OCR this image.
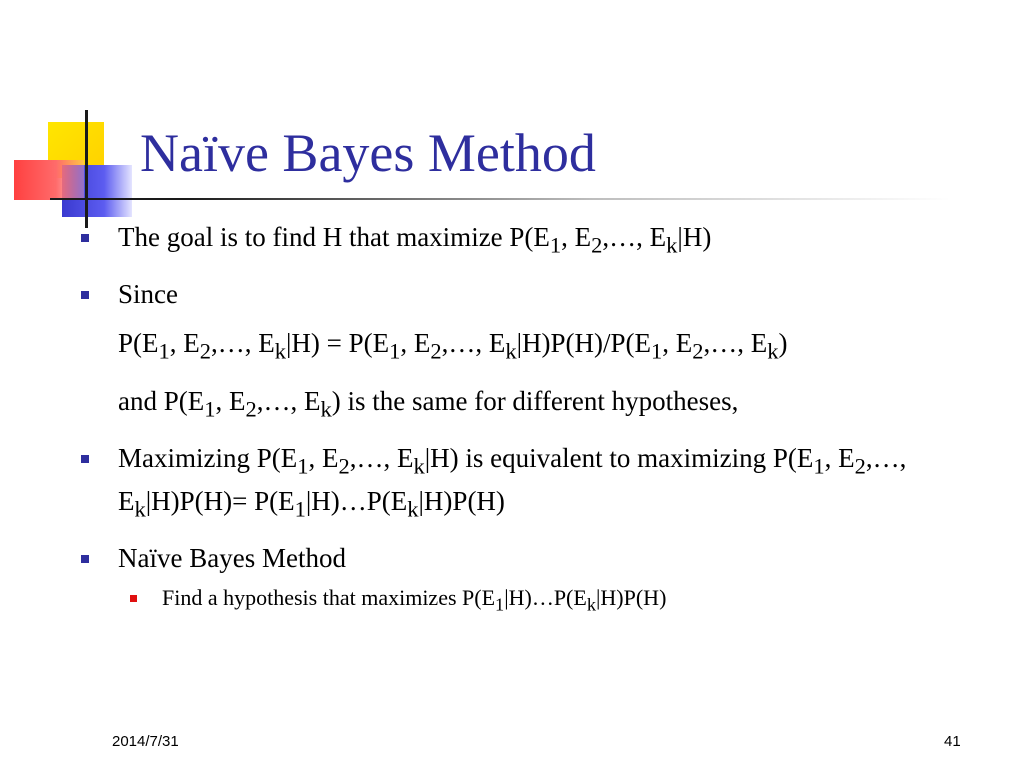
Naïve Bayes Method
The goal is to find H that maximize $P(E_1$, $E_2,\dots$, $E_k|H$)
Since
$P(E_1$, $E_2,\dots$, $E_k|H) = P(E_1$, $E_2,\dots$, $E_k|H)P(H)/P(E_1$, $E_2,\dots$, $E_k$)
and $P(E_1$, $E_2,\dots$, $E_k$) is the same for different hypotheses,
Maximizing $P(E_1$, $E_2,\dots$, $E_k|H$) is equivalent to maximizing $P(E_1$, $E_2,\dots$, $E_k|H)P(H)=$ $P(E_1|H)\dots P(E_k|H)P(H)$
Naïve Bayes Method
Find a hypothesis that maximizes $P(E_1|H)\dots P(E_k|H)P(H)$
2014/7/31	41
